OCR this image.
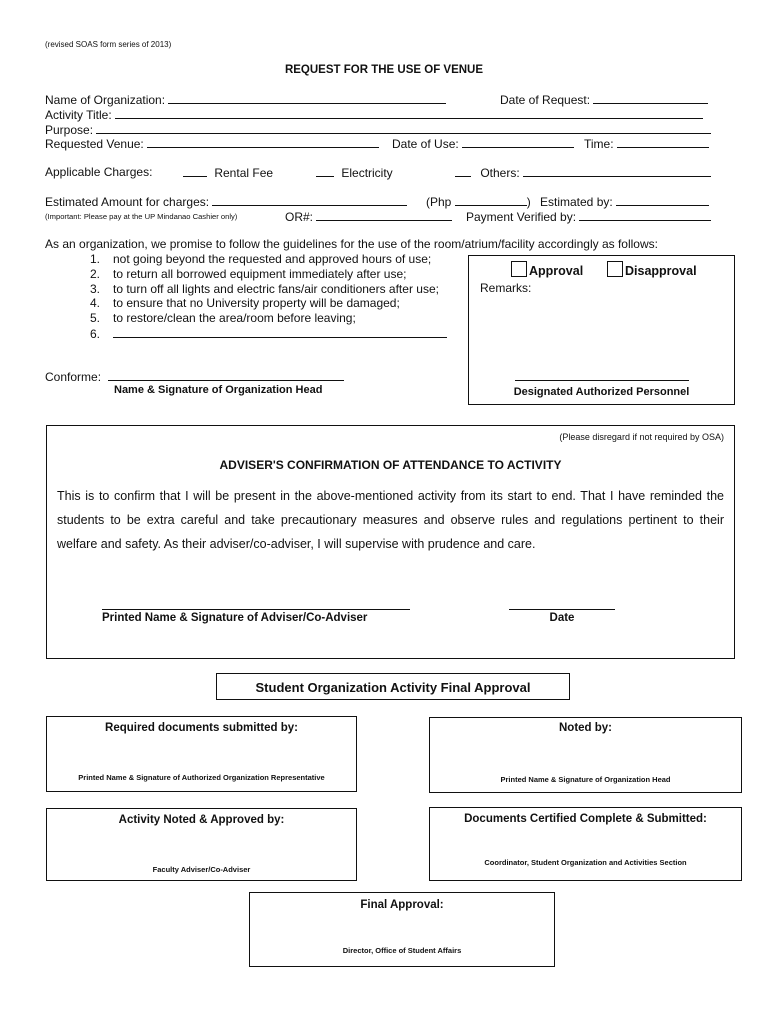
(revised SOAS form series of 2013)
REQUEST FOR THE USE OF VENUE
Name of Organization:	Date of Request:
Activity Title:
Purpose:
Requested Venue:	Date of Use:	Time:
Applicable Charges:	Rental Fee	Electricity	Others:
Estimated Amount for charges:	(Php	) Estimated by:
(Important: Please pay at the UP Mindanao Cashier only)	OR#:	Payment Verified by:
As an organization, we promise to follow the guidelines for the use of the room/atrium/facility accordingly as follows:
1. not going beyond the requested and approved hours of use;
2. to return all borrowed equipment immediately after use;
3. to turn off all lights and electric fans/air conditioners after use;
4. to ensure that no University property will be damaged;
5. to restore/clean the area/room before leaving;
6.
Conforme:
Name & Signature of Organization Head
Approval	Disapproval
Remarks:
Designated Authorized Personnel
(Please disregard if not required by OSA)
ADVISER'S CONFIRMATION OF ATTENDANCE TO ACTIVITY
This is to confirm that I will be present in the above-mentioned activity from its start to end. That I have reminded the students to be extra careful and take precautionary measures and observe rules and regulations pertinent to their welfare and safety. As their adviser/co-adviser, I will supervise with prudence and care.
Printed Name & Signature of Adviser/Co-Adviser	Date
Student Organization Activity Final Approval
Required documents submitted by:
Printed Name & Signature of Authorized Organization Representative
Noted by:
Printed Name & Signature of Organization Head
Activity Noted & Approved by:
Faculty Adviser/Co-Adviser
Documents Certified Complete & Submitted:
Coordinator, Student Organization and Activities Section
Final Approval:
Director, Office of Student Affairs
